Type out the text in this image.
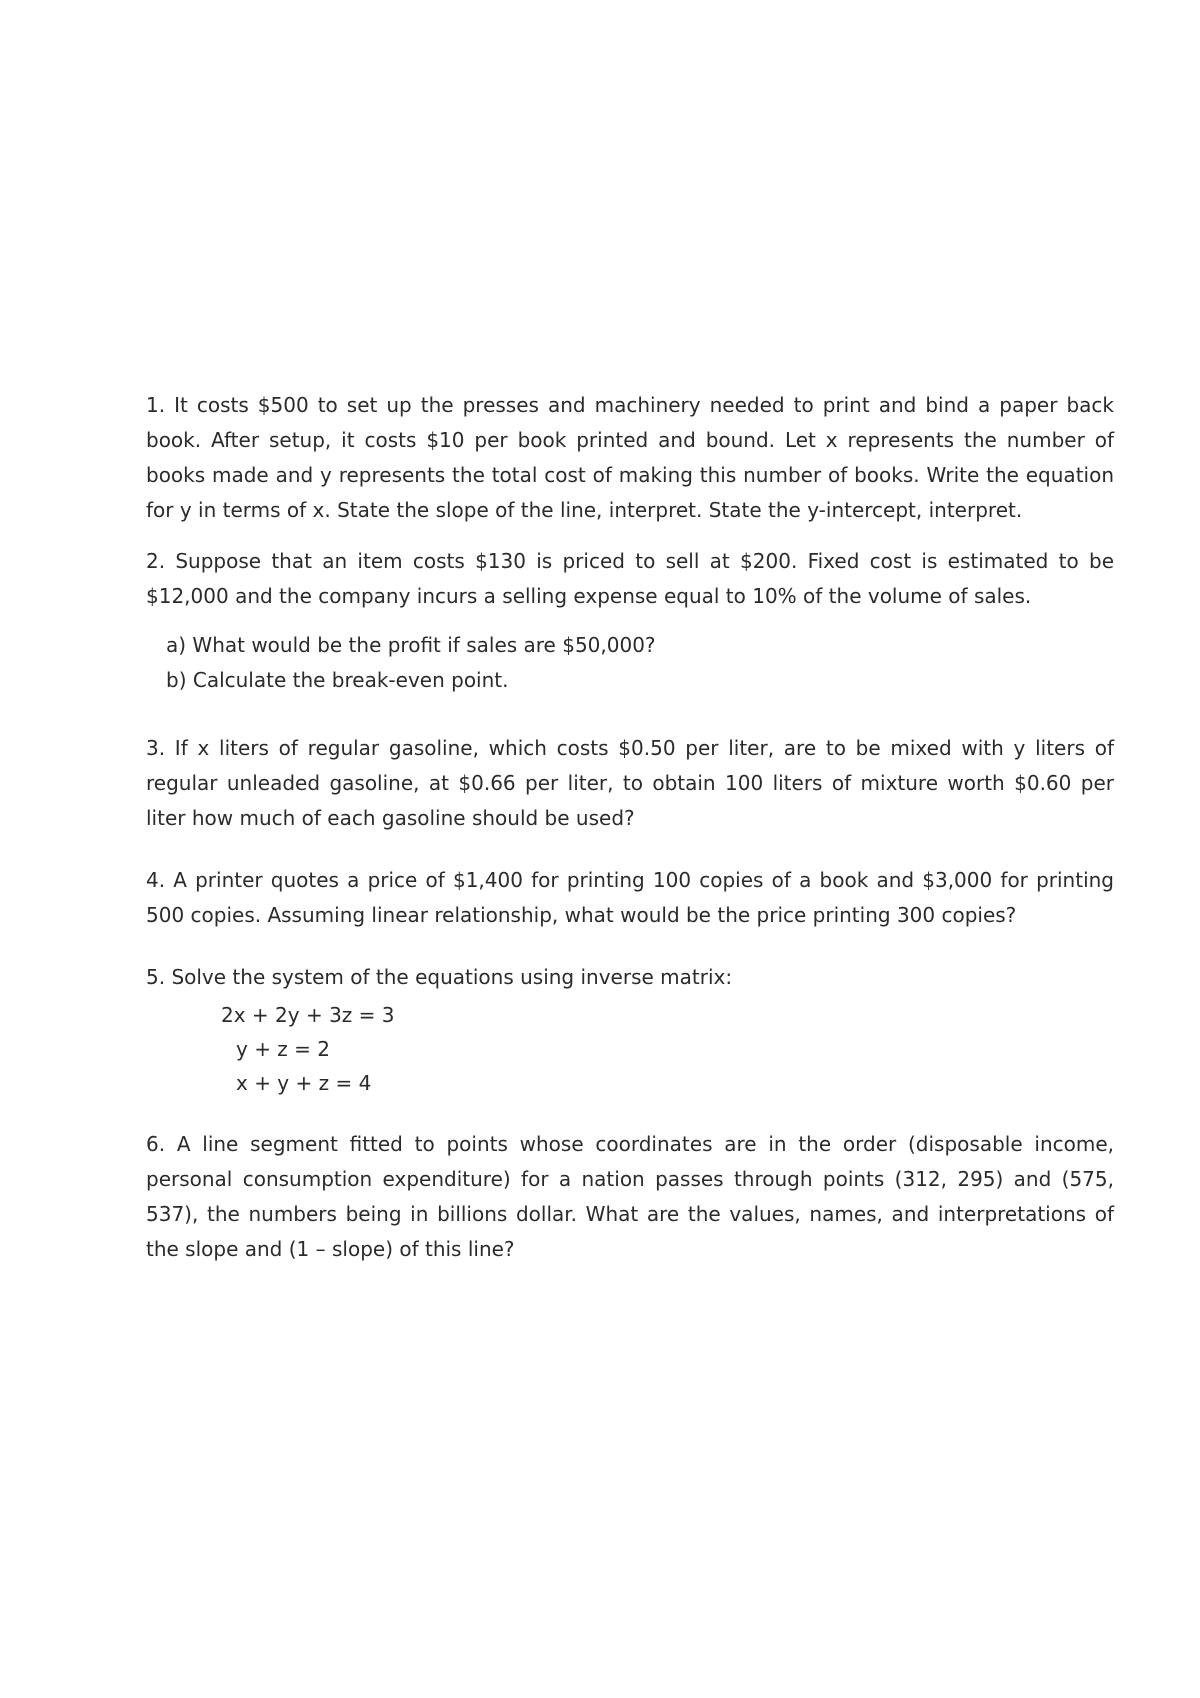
1. It costs $500 to set up the presses and machinery needed to print and bind a paper back book. After setup, it costs $10 per book printed and bound. Let x represents the number of books made and y represents the total cost of making this number of books. Write the equation for y in terms of x. State the slope of the line, interpret. State the y-intercept, interpret.

2. Suppose that an item costs $130 is priced to sell at $200. Fixed cost is estimated to be $12,000 and the company incurs a selling expense equal to 10% of the volume of sales.

a) What would be the profit if sales are $50,000?

b) Calculate the break-even point.

3. If x liters of regular gasoline, which costs $0.50 per liter, are to be mixed with y liters of regular unleaded gasoline, at $0.66 per liter, to obtain 100 liters of mixture worth $0.60 per liter how much of each gasoline should be used?

4. A printer quotes a price of $1,400 for printing 100 copies of a book and $3,000 for printing 500 copies. Assuming linear relationship, what would be the price printing 300 copies?

5. Solve the system of the equations using inverse matrix:

2x + 2y + 3z = 3

y + z = 2

x + y + z = 4

6. A line segment fitted to points whose coordinates are in the order (disposable income, personal consumption expenditure) for a nation passes through points (312, 295) and (575, 537), the numbers being in billions dollar. What are the values, names, and interpretations of the slope and (1 – slope) of this line?
